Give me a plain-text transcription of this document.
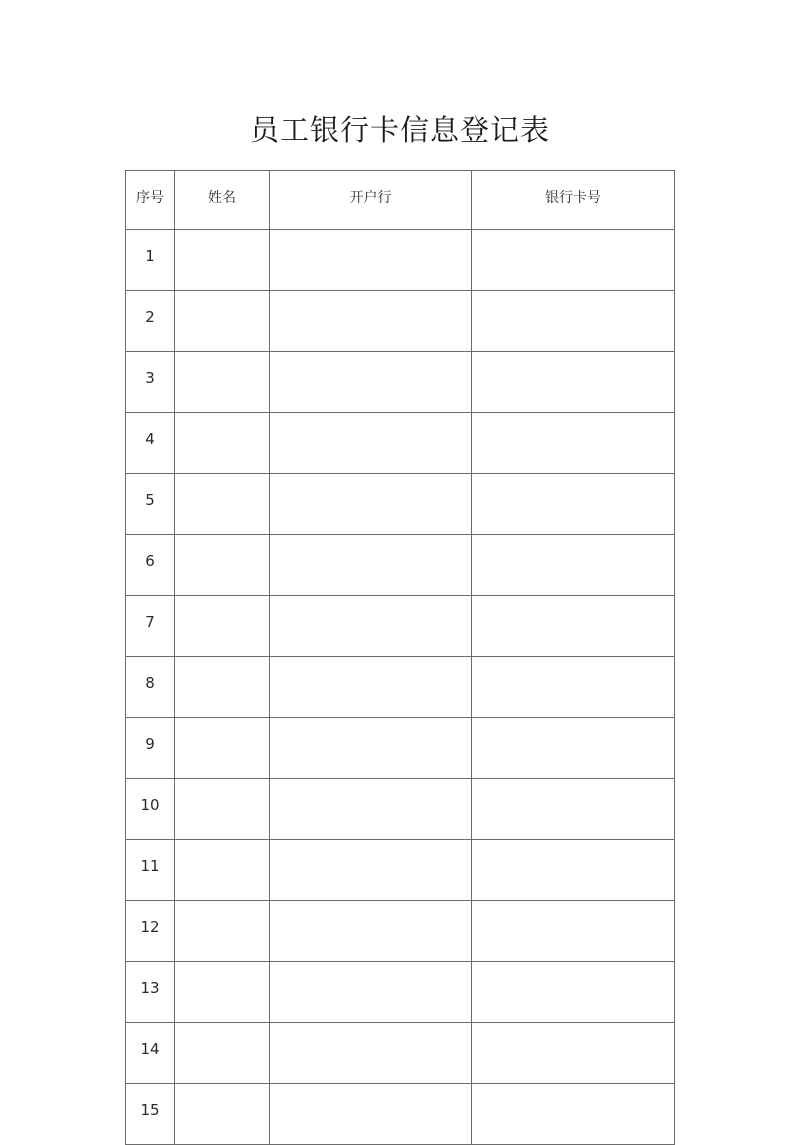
员工银行卡信息登记表
序号	姓名	开户行	银行卡号
1			
2			
3			
4			
5			
6			
7			
8			
9			
10			
11			
12			
13			
14			
15			
